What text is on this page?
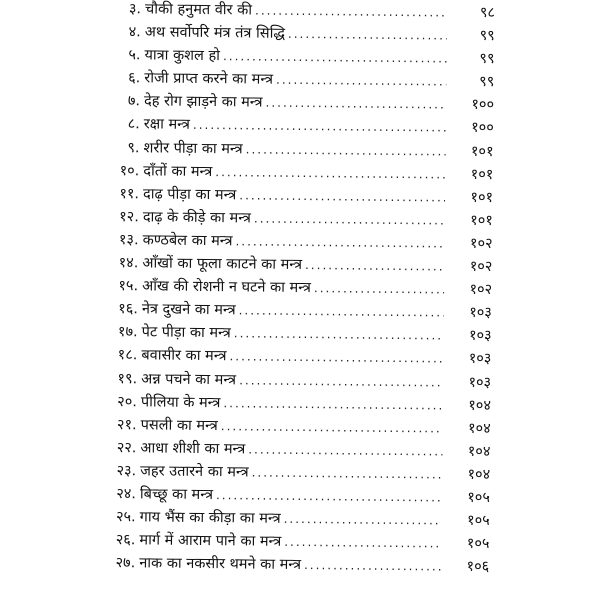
३. चौकी हनुमत वीर की .....	९८
४. अथ सर्वोपरि मंत्र तंत्र सिद्धि .....	९९
५. यात्रा कुशल हो .....	९९
६. रोजी प्राप्त करने का मन्त्र .....	९९
७. देह रोग झाड़ने का मन्त्र .....	१००
८. रक्षा मन्त्र .....	१००
९. शरीर पीड़ा का मन्त्र .....	१०१
१०. दाँतों का मन्त्र .....	१०१
११. दाढ़ पीड़ा का मन्त्र .....	१०१
१२. दाढ़ के कीड़े का मन्त्र .....	१०१
१३. कण्ठबेल का मन्त्र .....	१०२
१४. आँखों का फूला काटने का मन्त्र .....	१०२
१५. आँख की रोशनी न घटने का मन्त्र .....	१०२
१६. नेत्र दुखने का मन्त्र .....	१०३
१७. पेट पीड़ा का मन्त्र .....	१०३
१८. बवासीर का मन्त्र .....	१०३
१९. अन्न पचने का मन्त्र .....	१०३
२०. पीलिया के मन्त्र .....	१०४
२१. पसली का मन्त्र .....	१०४
२२. आधा शीशी का मन्त्र .....	१०४
२३. जहर उतारने का मन्त्र .....	१०४
२४. बिच्छू का मन्त्र .....	१०५
२५. गाय भैंस का कीड़ा का मन्त्र .....	१०५
२६. मार्ग में आराम पाने का मन्त्र .....	१०५
२७. नाक का नकसीर थमने का मन्त्र .....	१०६
